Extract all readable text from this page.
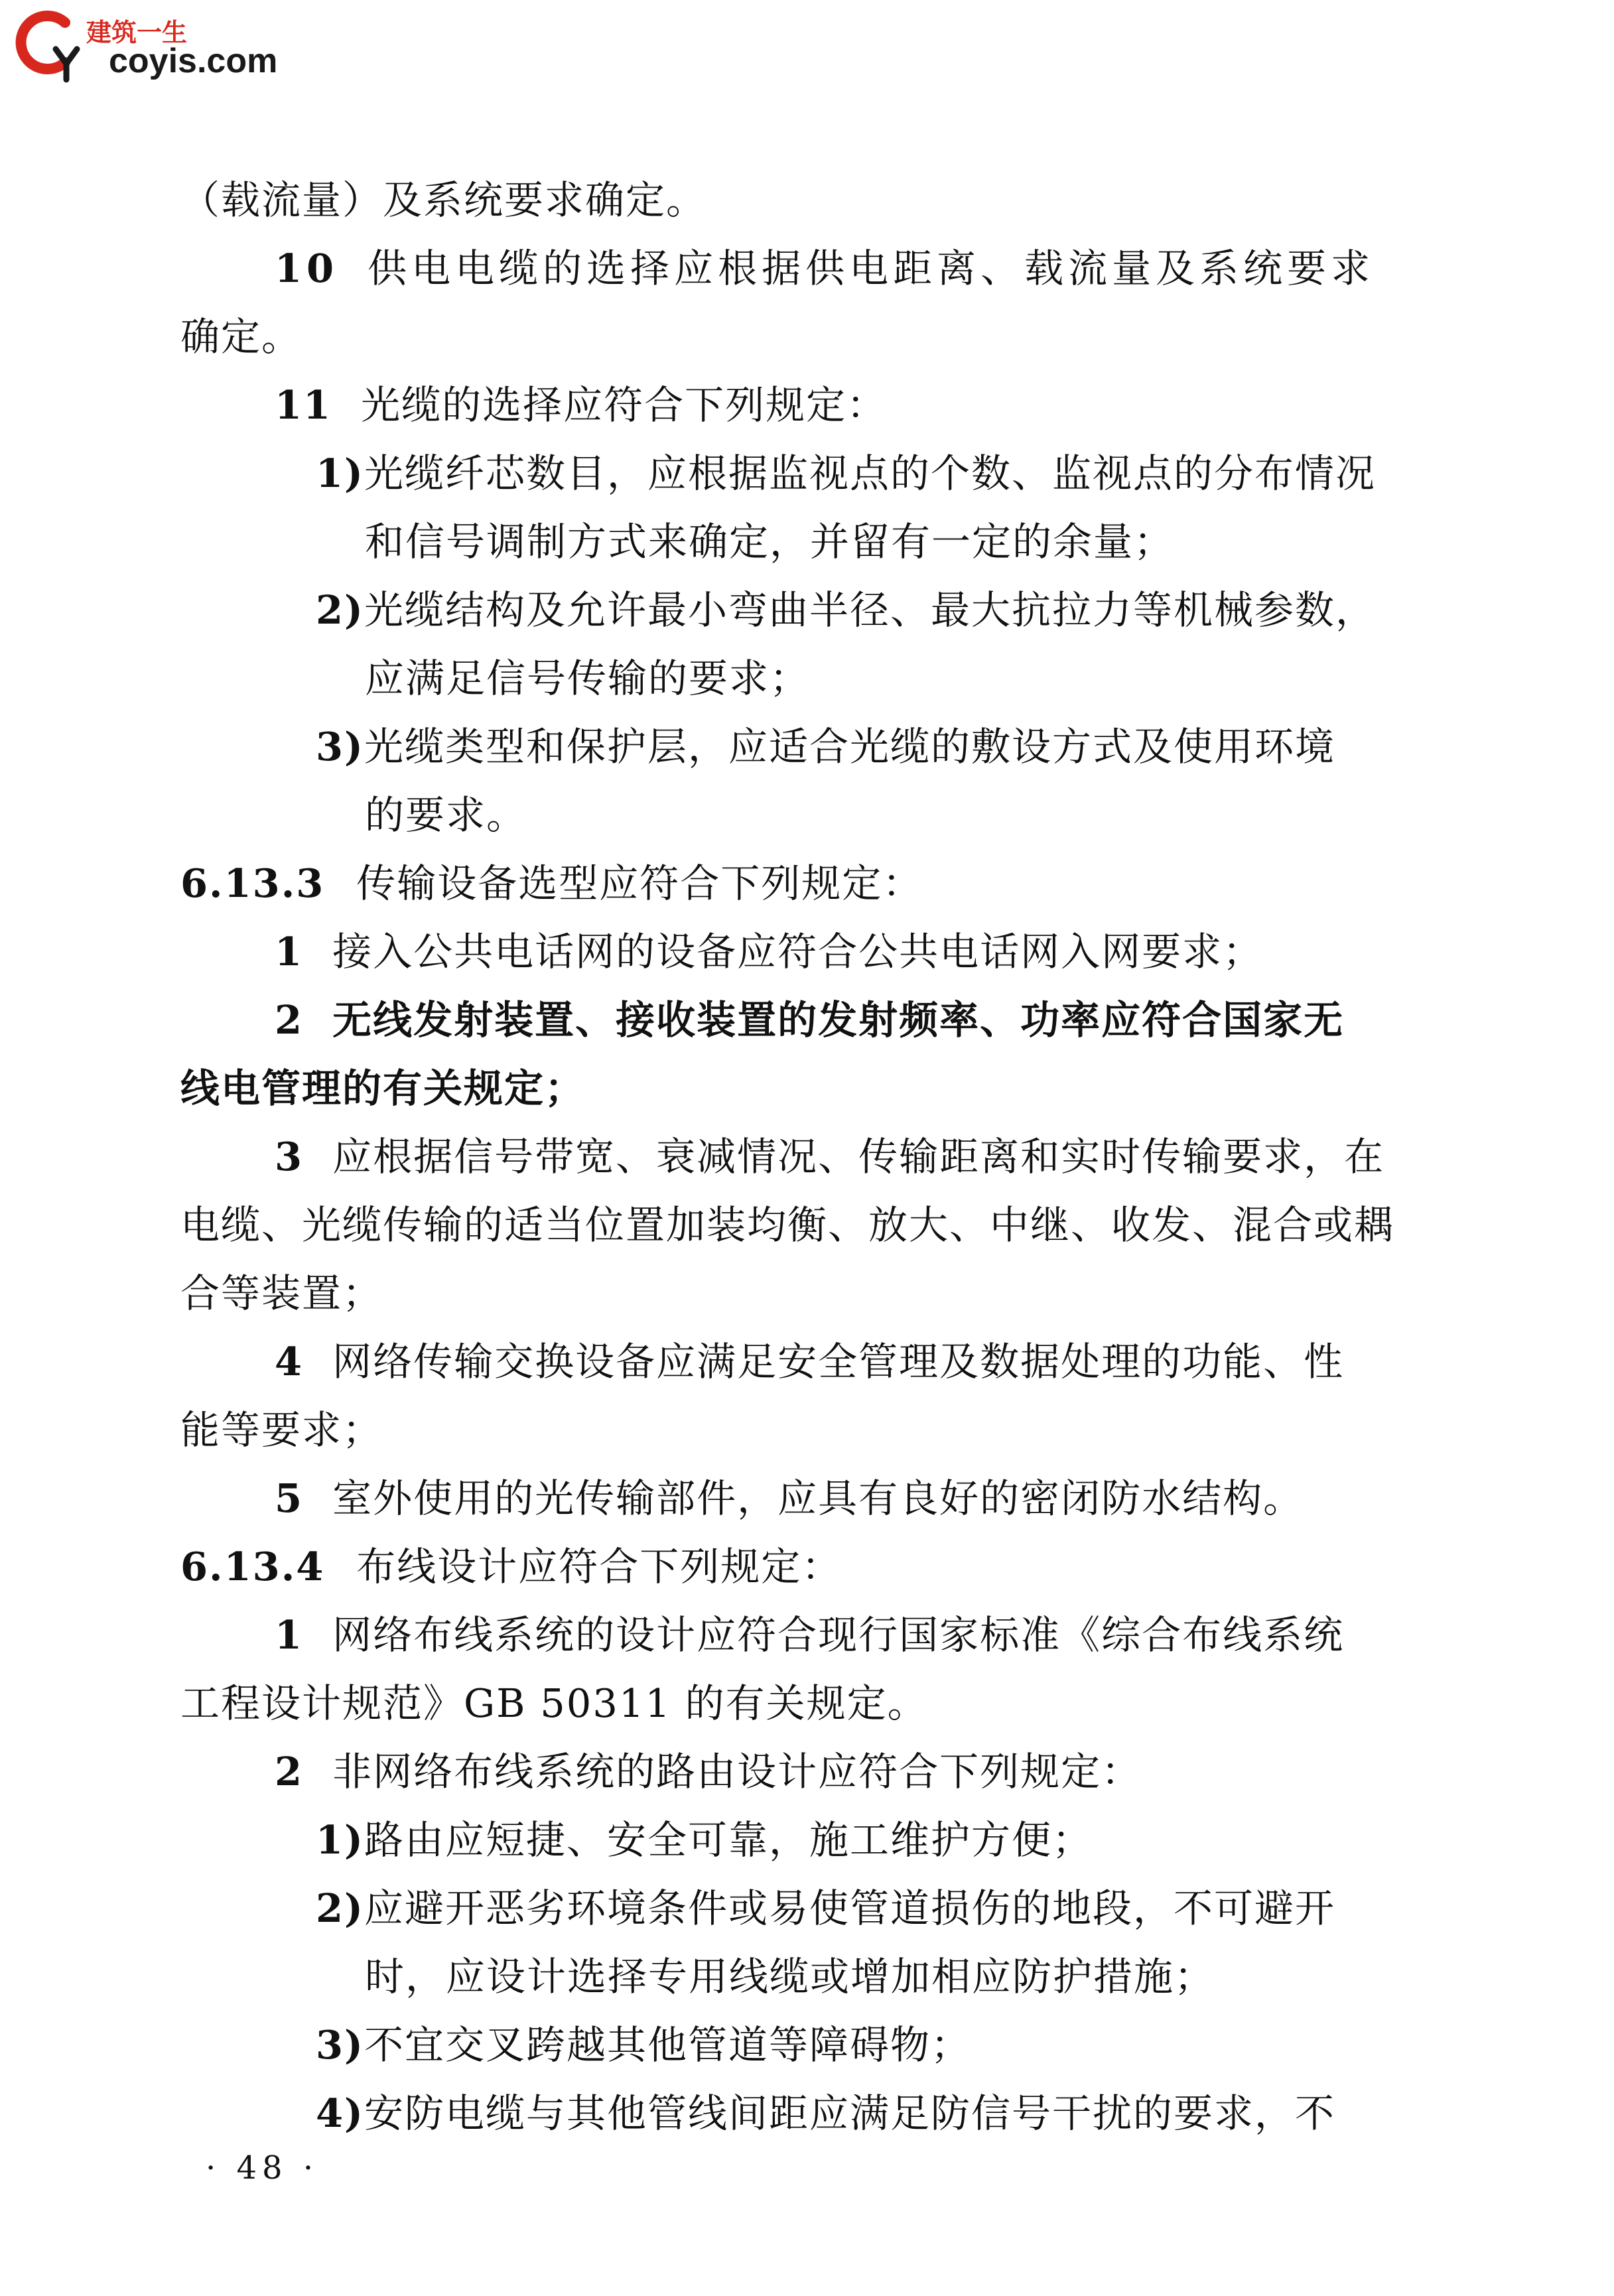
建筑一生
coyis.com
（载流量）及系统要求确定。
10 供电电缆的选择应根据供电距离、载流量及系统要求
确定。
11 光缆的选择应符合下列规定：
1)光缆纤芯数目，应根据监视点的个数、监视点的分布情况
和信号调制方式来确定，并留有一定的余量；
2)光缆结构及允许最小弯曲半径、最大抗拉力等机械参数，
应满足信号传输的要求；
3)光缆类型和保护层，应适合光缆的敷设方式及使用环境
的要求。
6.13.3 传输设备选型应符合下列规定：
1 接入公共电话网的设备应符合公共电话网入网要求；
2 无线发射装置、接收装置的发射频率、功率应符合国家无
线电管理的有关规定；
3 应根据信号带宽、衰减情况、传输距离和实时传输要求，在
电缆、光缆传输的适当位置加装均衡、放大、中继、收发、混合或耦
合等装置；
4 网络传输交换设备应满足安全管理及数据处理的功能、性
能等要求；
5 室外使用的光传输部件，应具有良好的密闭防水结构。
6.13.4 布线设计应符合下列规定：
1 网络布线系统的设计应符合现行国家标准《综合布线系统
工程设计规范》GB 50311 的有关规定。
2 非网络布线系统的路由设计应符合下列规定：
1)路由应短捷、安全可靠，施工维护方便；
2)应避开恶劣环境条件或易使管道损伤的地段，不可避开
时，应设计选择专用线缆或增加相应防护措施；
3)不宜交叉跨越其他管道等障碍物；
4)安防电缆与其他管线间距应满足防信号干扰的要求，不
· 48 ·
